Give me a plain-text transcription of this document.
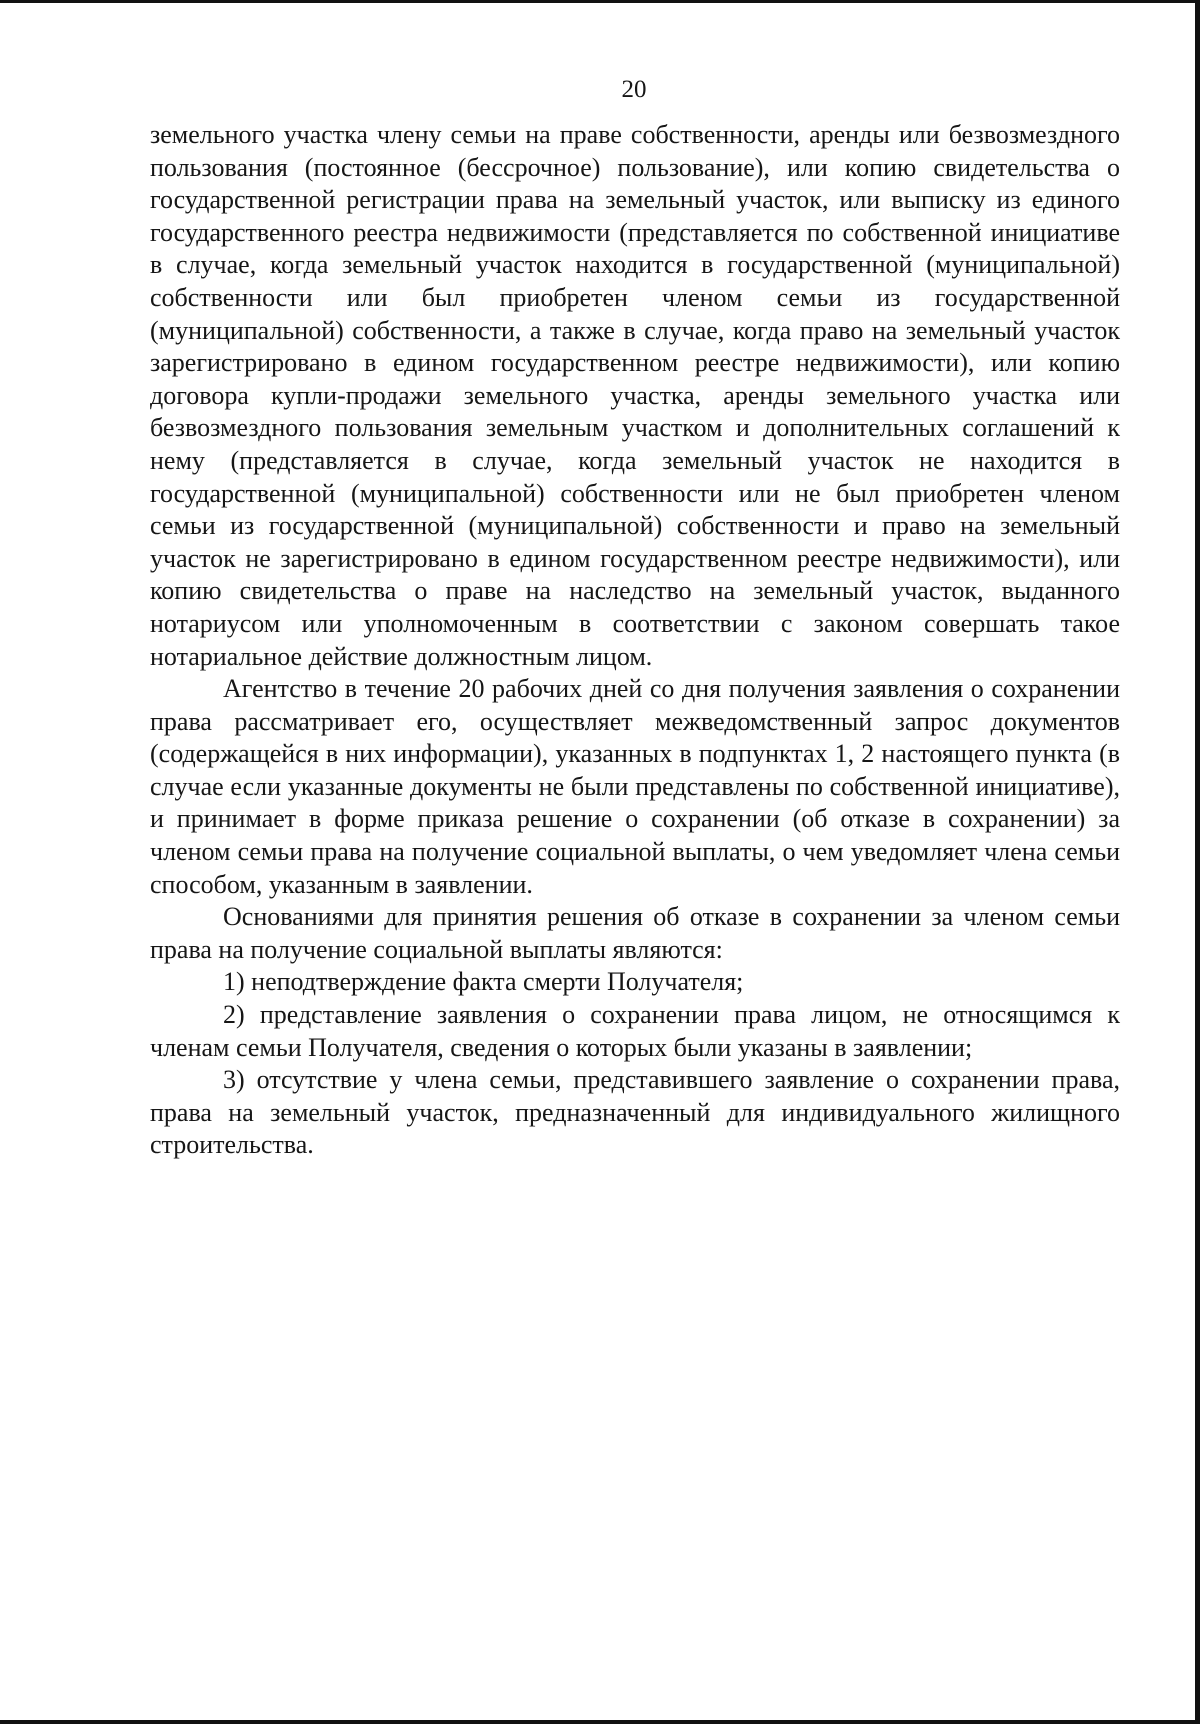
20

земельного участка члену семьи на праве собственности, аренды или безвозмездного пользования (постоянное (бессрочное) пользование), или копию свидетельства о государственной регистрации права на земельный участок, или выписку из единого государственного реестра недвижимости (представляется по собственной инициативе в случае, когда земельный участок находится в государственной (муниципальной) собственности или был приобретен членом семьи из государственной (муниципальной) собственности, а также в случае, когда право на земельный участок зарегистрировано в едином государственном реестре недвижимости), или копию договора купли-продажи земельного участка, аренды земельного участка или безвозмездного пользования земельным участком и дополнительных соглашений к нему (представляется в случае, когда земельный участок не находится в государственной (муниципальной) собственности или не был приобретен членом семьи из государственной (муниципальной) собственности и право на земельный участок не зарегистрировано в едином государственном реестре недвижимости), или копию свидетельства о праве на наследство на земельный участок, выданного нотариусом или уполномоченным в соответствии с законом совершать такое нотариальное действие должностным лицом.

Агентство в течение 20 рабочих дней со дня получения заявления о сохранении права рассматривает его, осуществляет межведомственный запрос документов (содержащейся в них информации), указанных в подпунктах 1, 2 настоящего пункта (в случае если указанные документы не были представлены по собственной инициативе), и принимает в форме приказа решение о сохранении (об отказе в сохранении) за членом семьи права на получение социальной выплаты, о чем уведомляет члена семьи способом, указанным в заявлении.

Основаниями для принятия решения об отказе в сохранении за членом семьи права на получение социальной выплаты являются:

1) неподтверждение факта смерти Получателя;

2) представление заявления о сохранении права лицом, не относящимся к членам семьи Получателя, сведения о которых были указаны в заявлении;

3) отсутствие у члена семьи, представившего заявление о сохранении права, права на земельный участок, предназначенный для индивидуального жилищного строительства.
